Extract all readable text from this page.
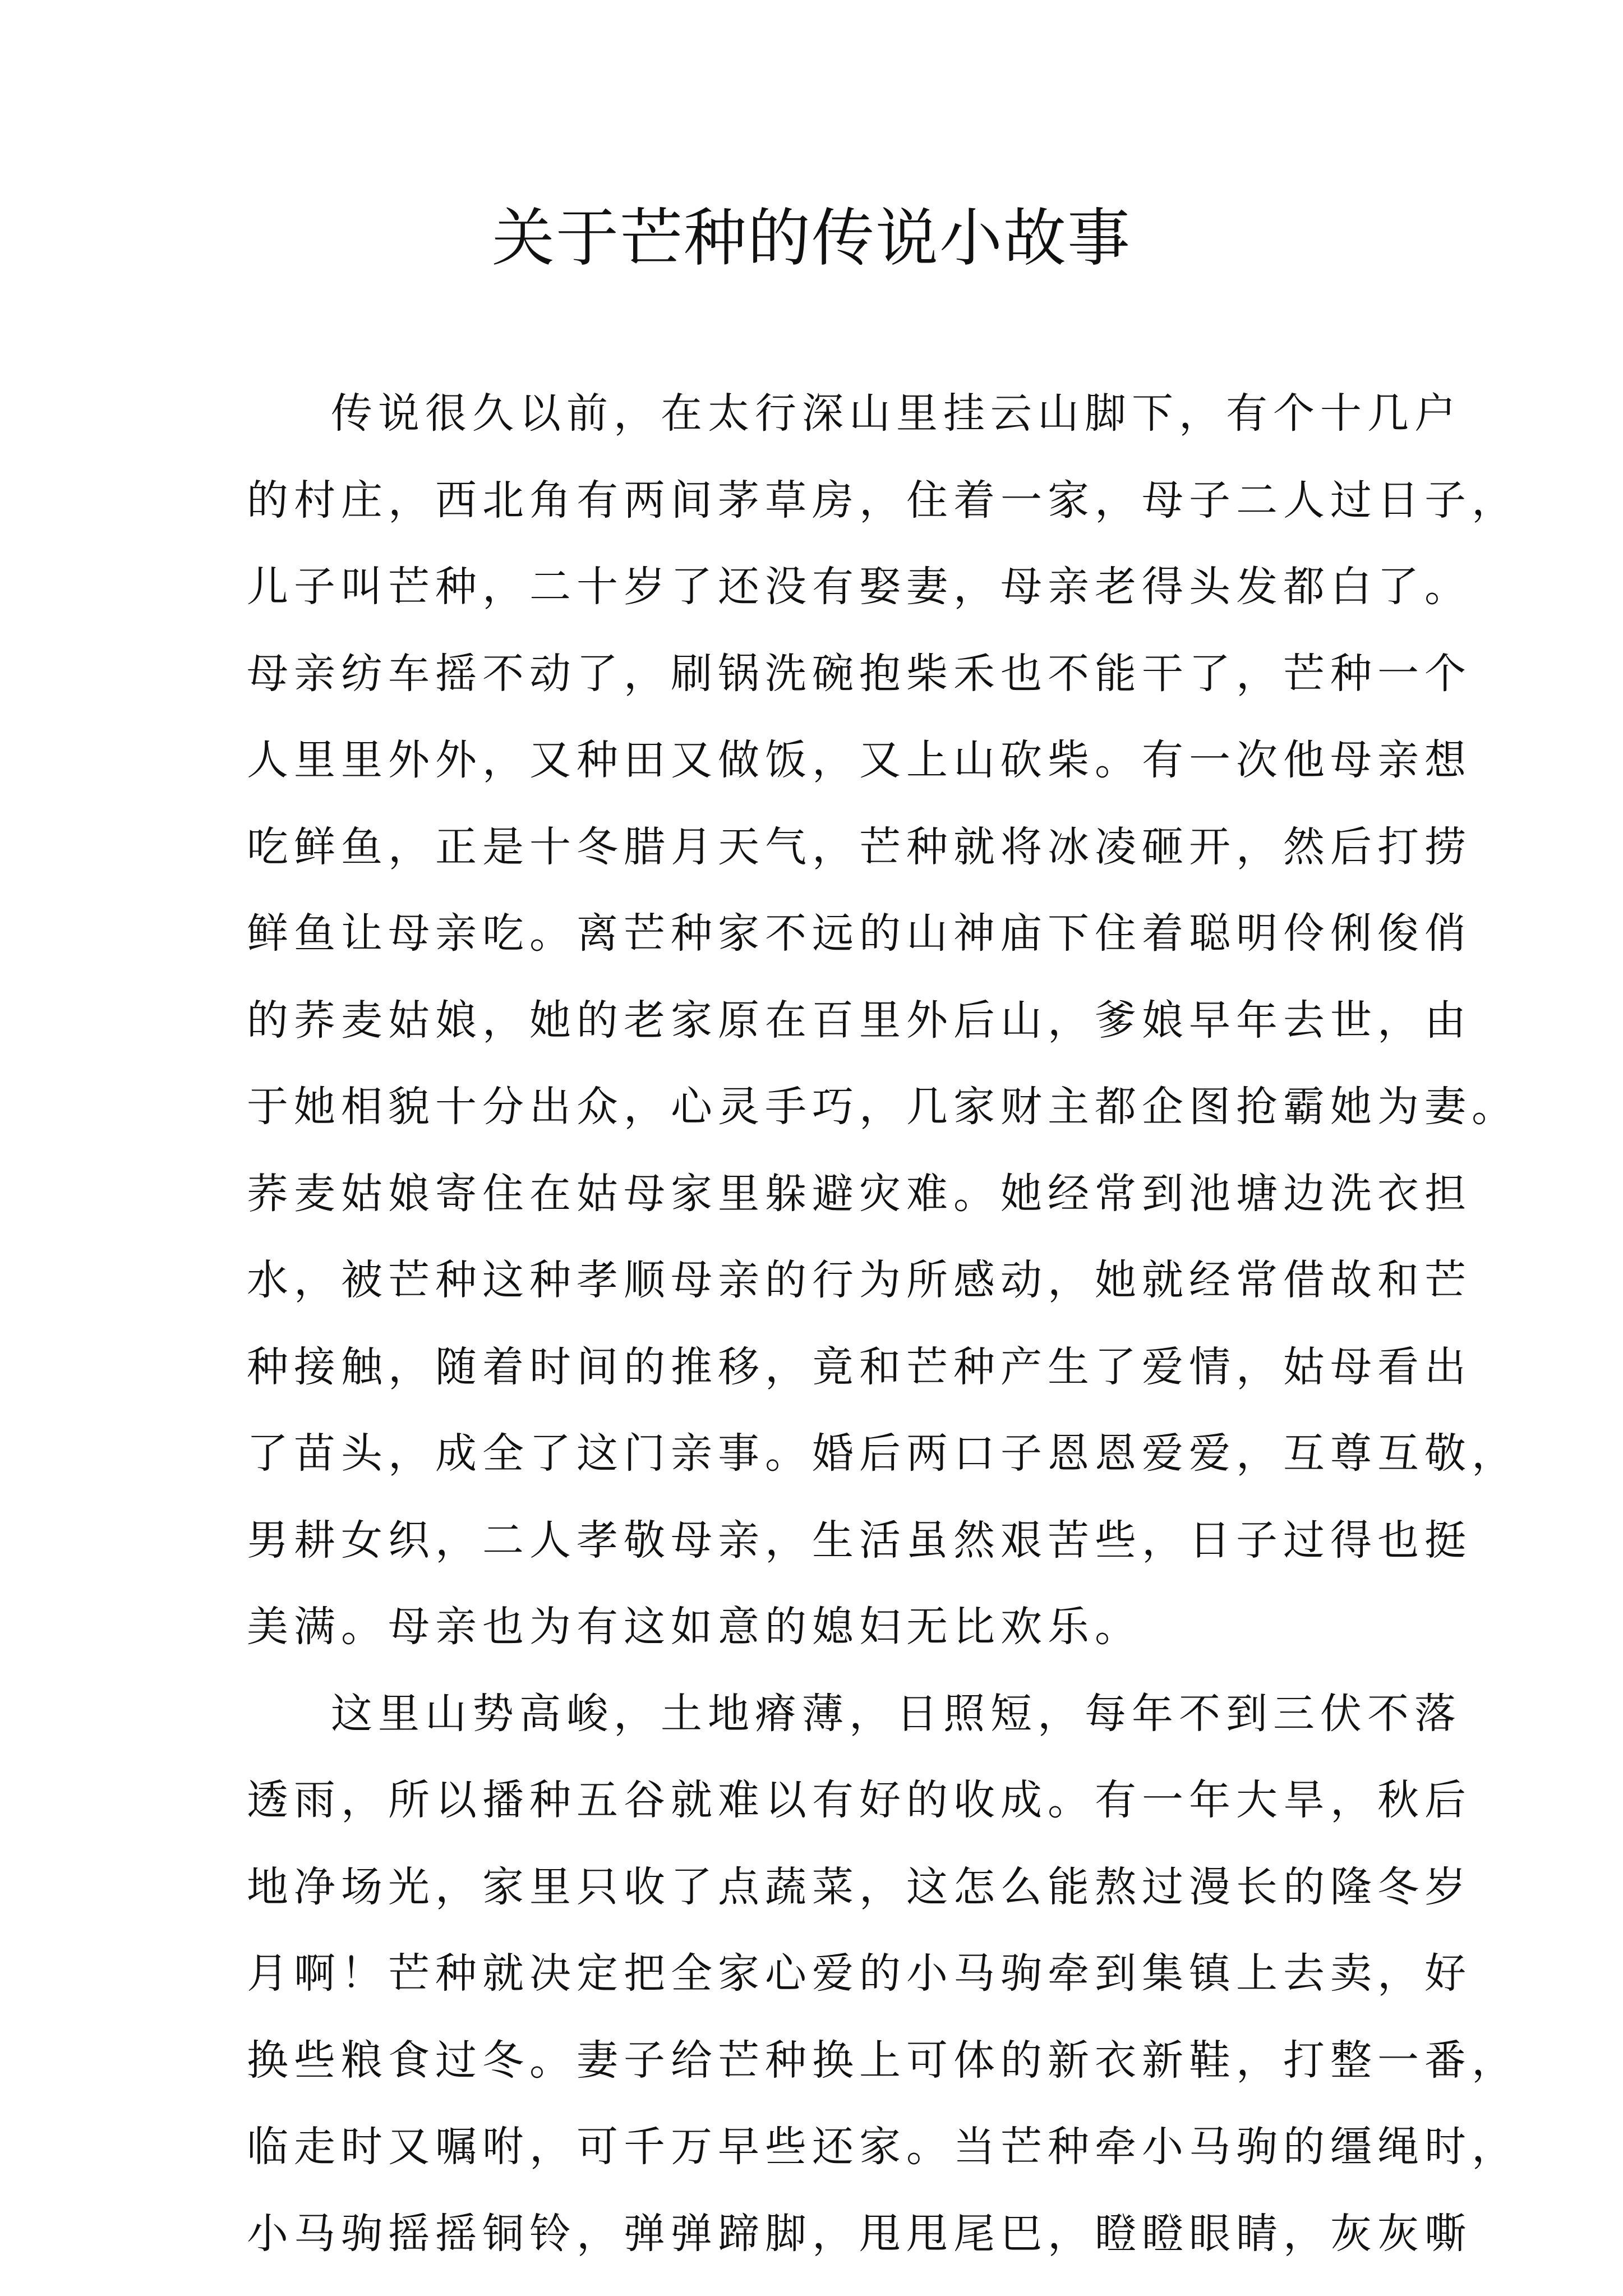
关于芒种的传说小故事
传说很久以前，在太行深山里挂云山脚下，有个十几户
的村庄，西北角有两间茅草房，住着一家，母子二人过日子，
儿子叫芒种，二十岁了还没有娶妻，母亲老得头发都白了。
母亲纺车摇不动了，刷锅洗碗抱柴禾也不能干了，芒种一个
人里里外外，又种田又做饭，又上山砍柴。有一次他母亲想
吃鲜鱼，正是十冬腊月天气，芒种就将冰凌砸开，然后打捞
鲜鱼让母亲吃。离芒种家不远的山神庙下住着聪明伶俐俊俏
的荞麦姑娘，她的老家原在百里外后山，爹娘早年去世，由
于她相貌十分出众，心灵手巧，几家财主都企图抢霸她为妻。
荞麦姑娘寄住在姑母家里躲避灾难。她经常到池塘边洗衣担
水，被芒种这种孝顺母亲的行为所感动，她就经常借故和芒
种接触，随着时间的推移，竟和芒种产生了爱情，姑母看出
了苗头，成全了这门亲事。婚后两口子恩恩爱爱，互尊互敬，
男耕女织，二人孝敬母亲，生活虽然艰苦些，日子过得也挺
美满。母亲也为有这如意的媳妇无比欢乐。
这里山势高峻，土地瘠薄，日照短，每年不到三伏不落
透雨，所以播种五谷就难以有好的收成。有一年大旱，秋后
地净场光，家里只收了点蔬菜，这怎么能熬过漫长的隆冬岁
月啊！芒种就决定把全家心爱的小马驹牵到集镇上去卖，好
换些粮食过冬。妻子给芒种换上可体的新衣新鞋，打整一番，
临走时又嘱咐，可千万早些还家。当芒种牵小马驹的缰绳时，
小马驹摇摇铜铃，弹弹蹄脚，甩甩尾巴，瞪瞪眼睛，灰灰嘶
